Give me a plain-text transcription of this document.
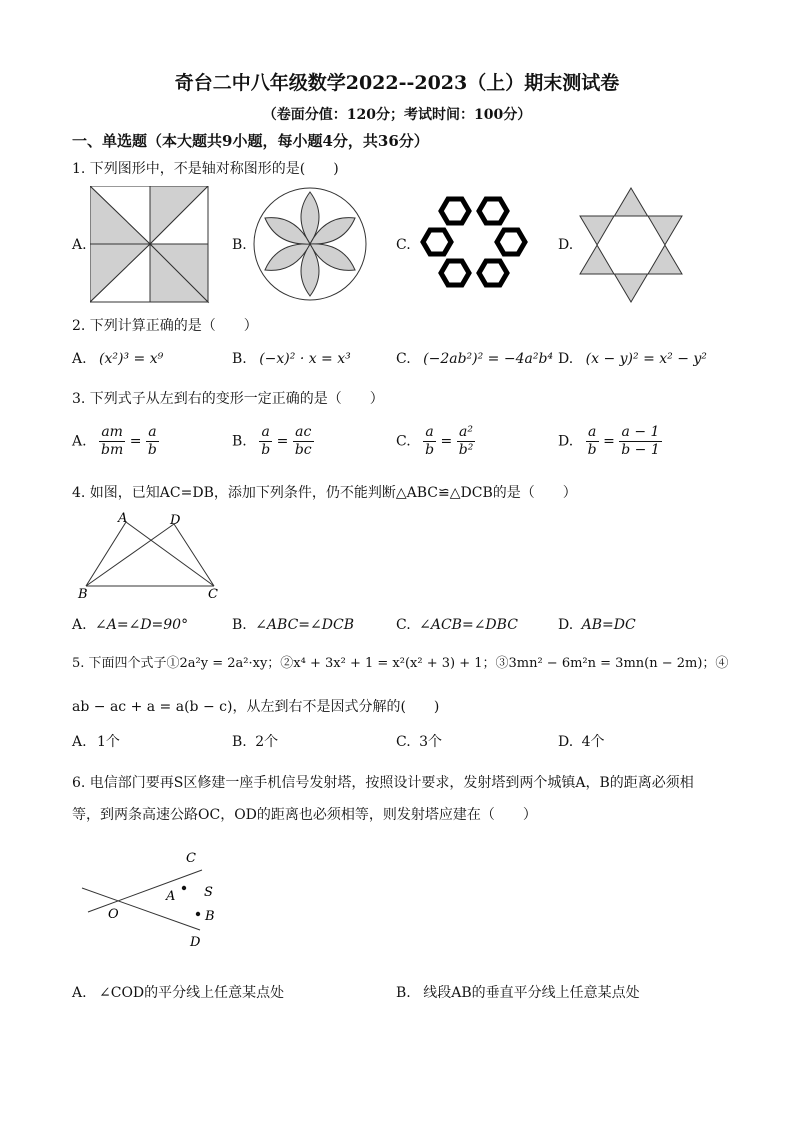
奇台二中八年级数学2022--2023（上）期末测试卷
（卷面分值：120分；考试时间：100分）
一、单选题（本大题共9小题，每小题4分，共36分）
1. 下列图形中，不是轴对称图形的是(　　)
A.	B.	C.	D.
2. 下列计算正确的是（　　）
A. (x²)³ = x⁹	B. (−x)² · x = x³	C. (−2ab²)² = −4a²b⁴ D. (x − y)² = x² − y²
3. 下列式子从左到右的变形一定正确的是（　　）
A. $\frac{am}{bm} = \frac{a}{b}$	B. $\frac{a}{b} = \frac{ac}{bc}$	C. $\frac{a}{b} = \frac{\text{a²}}{\text{b²}}$	D. $\frac{a}{b} = \frac{a - 1}{b - 1}$
4. 如图，已知AC=DB，添加下列条件，仍不能判断△ABC≌△DCB的是（　　）
A	D
B	C
A. ∠A=∠D=90°	B. ∠ABC=∠DCB	C. ∠ACB=∠DBC	D. AB=DC
5. 下面四个式子①2a²y = 2a²·xy；②x⁴ + 3x² + 1 = x²(x² + 3) + 1；③3mn² − 6m²n = 3mn(n − 2m)；④
ab − ac + a = a(b − c)，从左到右不是因式分解的(　　)
A. 1个	B. 2个	C. 3个	D. 4个
6. 电信部门要再S区修建一座手机信号发射塔，按照设计要求，发射塔到两个城镇A，B的距离必须相
等，到两条高速公路OC，OD的距离也必须相等，则发射塔应建在（　　）
C
A S
O	B
D
A. ∠COD的平分线上任意某点处	B. 线段AB的垂直平分线上任意某点处
